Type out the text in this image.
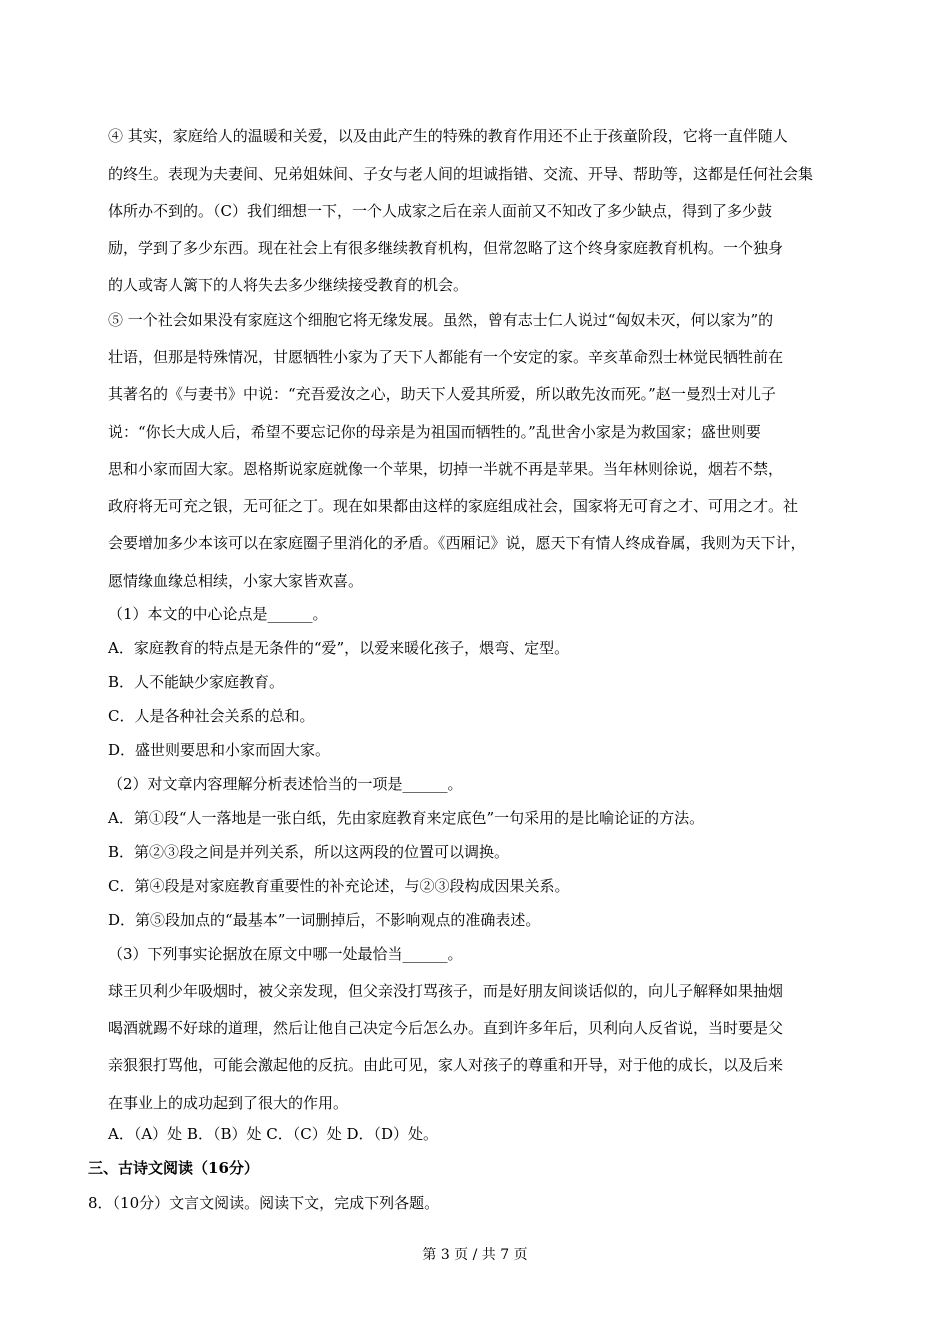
④ 其实，家庭给人的温暖和关爱，以及由此产生的特殊的教育作用还不止于孩童阶段，它将一直伴随人
的终生。表现为夫妻间、兄弟姐妹间、子女与老人间的坦诚指错、交流、开导、帮助等，这都是任何社会集
体所办不到的。（C）我们细想一下，一个人成家之后在亲人面前又不知改了多少缺点，得到了多少鼓
励，学到了多少东西。现在社会上有很多继续教育机构，但常忽略了这个终身家庭教育机构。一个独身
的人或寄人篱下的人将失去多少继续接受教育的机会。
⑤ 一个社会如果没有家庭这个细胞它将无缘发展。虽然，曾有志士仁人说过“匈奴未灭，何以家为”的
壮语，但那是特殊情况，甘愿牺牲小家为了天下人都能有一个安定的家。辛亥革命烈士林觉民牺牲前在
其著名的《与妻书》中说：“充吾爱汝之心，助天下人爱其所爱，所以敢先汝而死。”赵一曼烈士对儿子
说：“你长大成人后，希望不要忘记你的母亲是为祖国而牺牲的。”乱世舍小家是为救国家；盛世则要
思和小家而固大家。恩格斯说家庭就像一个苹果，切掉一半就不再是苹果。当年林则徐说，烟若不禁，
政府将无可充之银，无可征之丁。现在如果都由这样的家庭组成社会，国家将无可育之才、可用之才。社
会要增加多少本该可以在家庭圈子里消化的矛盾。《西厢记》说，愿天下有情人终成眷属，我则为天下计，
愿情缘血缘总相续，小家大家皆欢喜。
（1）本文的中心论点是______。
A．家庭教育的特点是无条件的“爱”，以爱来暖化孩子，煨弯、定型。
B．人不能缺少家庭教育。
C．人是各种社会关系的总和。
D．盛世则要思和小家而固大家。
（2）对文章内容理解分析表述恰当的一项是______。
A．第①段“人一落地是一张白纸，先由家庭教育来定底色”一句采用的是比喻论证的方法。
B．第②③段之间是并列关系，所以这两段的位置可以调换。
C．第④段是对家庭教育重要性的补充论述，与②③段构成因果关系。
D．第⑤段加点的“最基本”一词删掉后，不影响观点的准确表述。
（3）下列事实论据放在原文中哪一处最恰当______。
球王贝利少年吸烟时，被父亲发现，但父亲没打骂孩子，而是好朋友间谈话似的，向儿子解释如果抽烟
喝酒就踢不好球的道理，然后让他自己决定今后怎么办。直到许多年后，贝利向人反省说，当时要是父
亲狠狠打骂他，可能会激起他的反抗。由此可见，家人对孩子的尊重和开导，对于他的成长，以及后来
在事业上的成功起到了很大的作用。
A．（A）处 B．（B）处 C．（C）处 D．（D）处。
三、古诗文阅读（16分）
8．（10分）文言文阅读。阅读下文，完成下列各题。
第 3 页 / 共 7 页
